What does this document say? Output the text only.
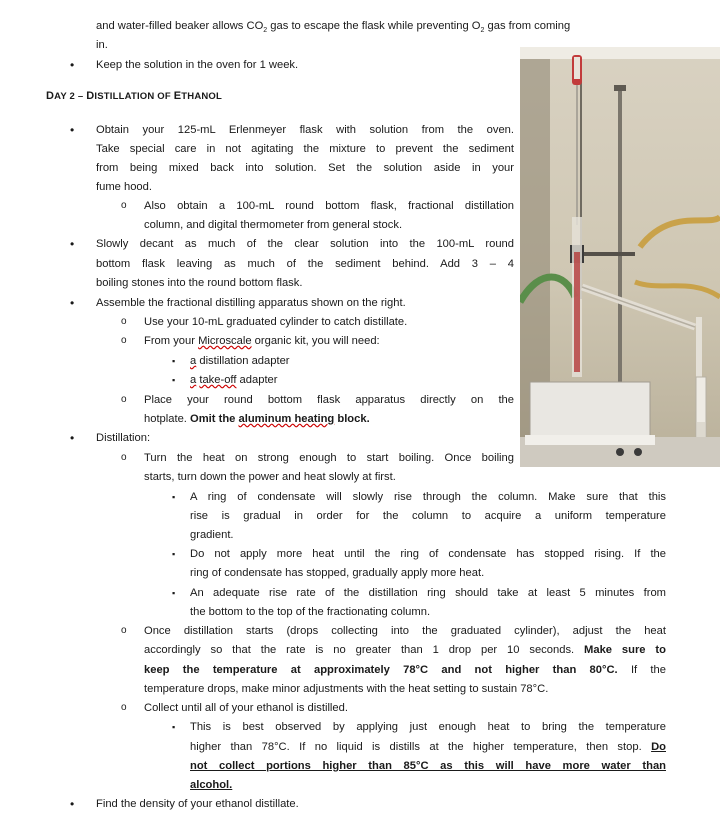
and water-filled beaker allows $CO_2$ gas to escape the flask while preventing $O_2$ gas from coming
in.
• Keep the solution in the oven for 1 week.
DAY 2 – DISTILLATION OF ETHANOL
• Obtain your 125-mL Erlenmeyer flask with solution from the oven.
Take special care in not agitating the mixture to prevent the sediment
from being mixed back into solution. Set the solution aside in your
fume hood.
o Also obtain a 100-mL round bottom flask, fractional distillation
column, and digital thermometer from general stock.
• Slowly decant as much of the clear solution into the 100-mL round
bottom flask leaving as much of the sediment behind. Add 3 – 4
boiling stones into the round bottom flask.
• Assemble the fractional distilling apparatus shown on the right.
o Use your 10-mL graduated cylinder to catch distillate.
o From your Microscale organic kit, you will need:
▪ a distillation adapter
▪ a take-off adapter
o Place your round bottom flask apparatus directly on the
hotplate. Omit the aluminum heating block.
• Distillation:
o Turn the heat on strong enough to start boiling. Once boiling
starts, turn down the power and heat slowly at first.
▪ A ring of condensate will slowly rise through the column. Make sure that this
rise is gradual in order for the column to acquire a uniform temperature
gradient.
▪ Do not apply more heat until the ring of condensate has stopped rising. If the
ring of condensate has stopped, gradually apply more heat.
▪ An adequate rise rate of the distillation ring should take at least 5 minutes from
the bottom to the top of the fractionating column.
o Once distillation starts (drops collecting into the graduated cylinder), adjust the heat
accordingly so that the rate is no greater than 1 drop per 10 seconds. Make sure to
keep the temperature at approximately 78°C and not higher than 80°C. If the
temperature drops, make minor adjustments with the heat setting to sustain 78°C.
o Collect until all of your ethanol is distilled.
▪ This is best observed by applying just enough heat to bring the temperature
higher than 78°C. If no liquid is distills at the higher temperature, then stop. Do
not collect portions higher than 85°C as this will have more water than
alcohol.
• Find the density of your ethanol distillate.
